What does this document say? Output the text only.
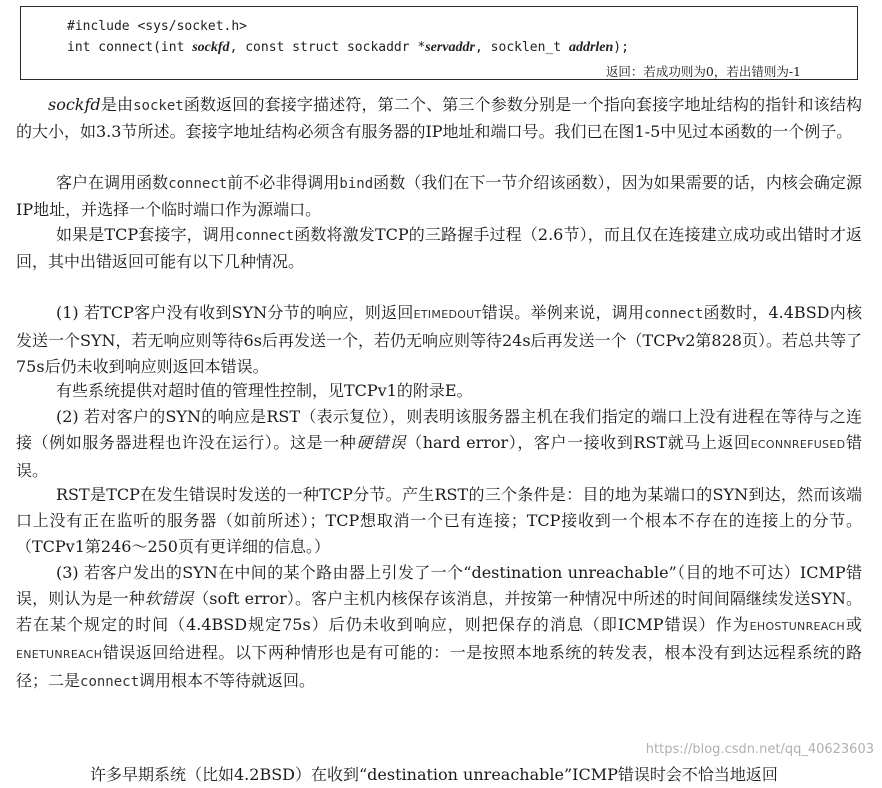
#include <sys/socket.h>
int connect(int sockfd, const struct sockaddr *servaddr, socklen_t addrlen);
返回：若成功则为0，若出错则为-1

sockfd是由socket函数返回的套接字描述符，第二个、第三个参数分别是一个指向套接字地址结构的指针和该结构的大小，如3.3节所述。套接字地址结构必须含有服务器的IP地址和端口号。我们已在图1-5中见过本函数的一个例子。

客户在调用函数connect前不必非得调用bind函数（我们在下一节介绍该函数），因为如果需要的话，内核会确定源IP地址，并选择一个临时端口作为源端口。

如果是TCP套接字，调用connect函数将激发TCP的三路握手过程（2.6节），而且仅在连接建立成功或出错时才返回，其中出错返回可能有以下几种情况。

(1) 若TCP客户没有收到SYN分节的响应，则返回ETIMEDOUT错误。举例来说，调用connect函数时，4.4BSD内核发送一个SYN，若无响应则等待6s后再发送一个，若仍无响应则等待24s后再发送一个（TCPv2第828页）。若总共等了75s后仍未收到响应则返回本错误。

有些系统提供对超时值的管理性控制，见TCPv1的附录E。

(2) 若对客户的SYN的响应是RST（表示复位），则表明该服务器主机在我们指定的端口上没有进程在等待与之连接（例如服务器进程也许没在运行）。这是一种硬错误（hard error），客户一接收到RST就马上返回ECONNREFUSED错误。

RST是TCP在发生错误时发送的一种TCP分节。产生RST的三个条件是：目的地为某端口的SYN到达，然而该端口上没有正在监听的服务器（如前所述）；TCP想取消一个已有连接；TCP接收到一个根本不存在的连接上的分节。（TCPv1第246～250页有更详细的信息。）

(3) 若客户发出的SYN在中间的某个路由器上引发了一个“destination unreachable”（目的地不可达）ICMP错误，则认为是一种软错误（soft error）。客户主机内核保存该消息，并按第一种情况中所述的时间间隔继续发送SYN。若在某个规定的时间（4.4BSD规定75s）后仍未收到响应，则把保存的消息（即ICMP错误）作为EHOSTUNREACH或ENETUNREACH错误返回给进程。以下两种情形也是有可能的：一是按照本地系统的转发表，根本没有到达远程系统的路径；二是connect调用根本不等待就返回。

许多早期系统（比如4.2BSD）在收到“destination unreachable”ICMP错误时会不恰当地返回
https://blog.csdn.net/qq_40623603
